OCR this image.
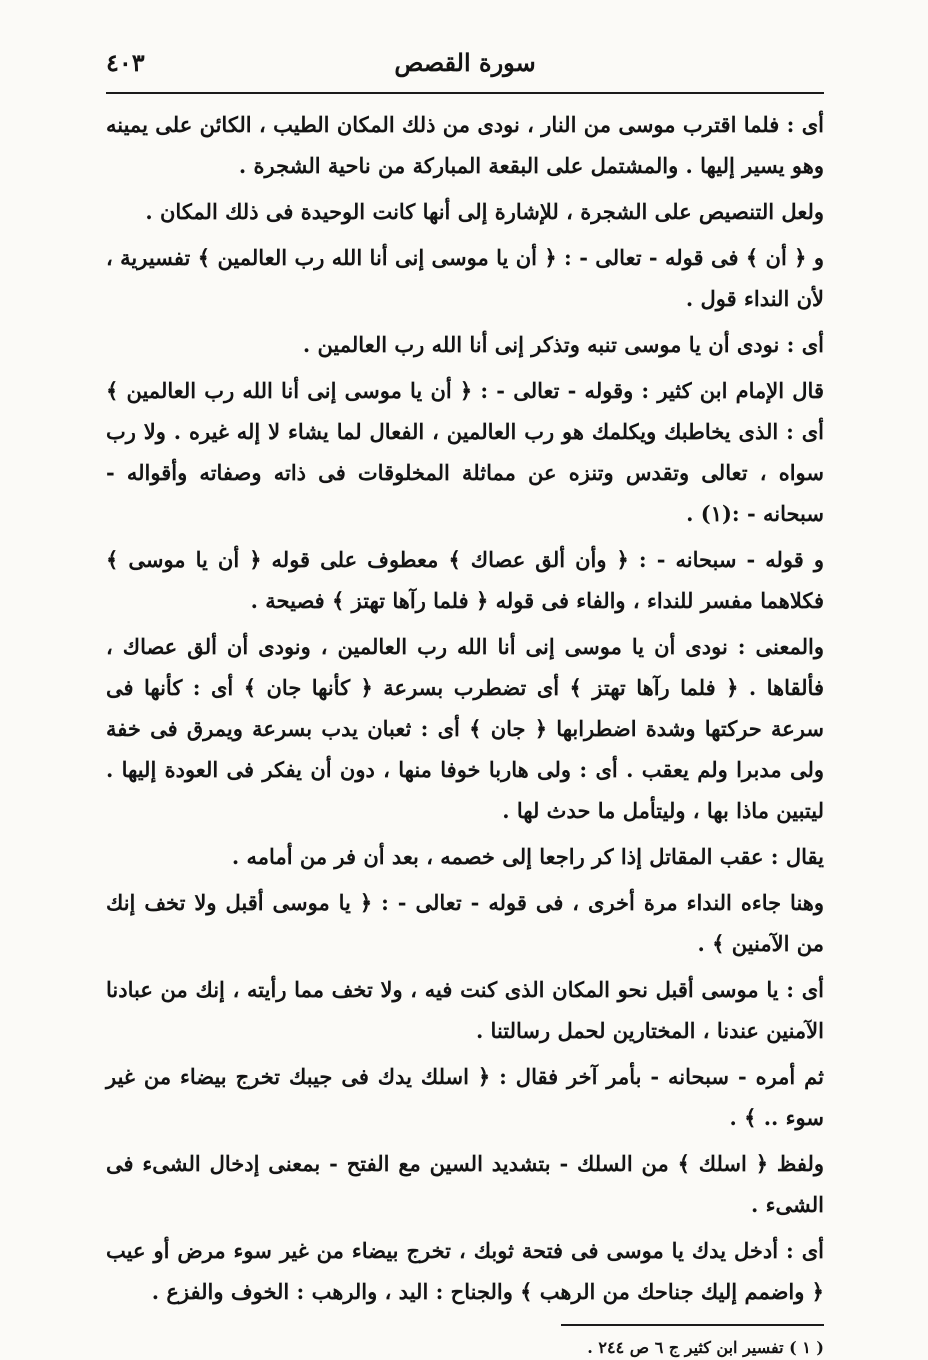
سورة القصص
٤٠٣

أى : فلما اقترب موسى من النار ، نودى من ذلك المكان الطيب ، الكائن على يمينه وهو يسير إليها . والمشتمل على البقعة المباركة من ناحية الشجرة .

ولعل التنصيص على الشجرة ، للإشارة إلى أنها كانت الوحيدة فى ذلك المكان .

و ﴿ أن ﴾ فى قوله - تعالى - : ﴿ أن يا موسى إنى أنا الله رب العالمين ﴾ تفسيرية ، لأن النداء قول .

أى : نودى أن يا موسى تنبه وتذكر إنى أنا الله رب العالمين .

قال الإمام ابن كثير : وقوله - تعالى - : ﴿ أن يا موسى إنى أنا الله رب العالمين ﴾ أى : الذى يخاطبك ويكلمك هو رب العالمين ، الفعال لما يشاء لا إله غيره . ولا رب سواه ، تعالى وتقدس وتنزه عن مماثلة المخلوقات فى ذاته وصفاته وأقواله - سبحانه - :(١) .

و قوله - سبحانه - : ﴿ وأن ألق عصاك ﴾ معطوف على قوله ﴿ أن يا موسى ﴾ فكلاهما مفسر للنداء ، والفاء فى قوله ﴿ فلما رآها تهتز ﴾ فصيحة .

والمعنى : نودى أن يا موسى إنى أنا الله رب العالمين ، ونودى أن ألق عصاك ، فألقاها . ﴿ فلما رآها تهتز ﴾ أى تضطرب بسرعة ﴿ كأنها جان ﴾ أى : كأنها فى سرعة حركتها وشدة اضطرابها ﴿ جان ﴾ أى : ثعبان يدب بسرعة ويمرق فى خفة ولى مدبرا ولم يعقب . أى : ولى هاربا خوفا منها ، دون أن يفكر فى العودة إليها . ليتبين ماذا بها ، وليتأمل ما حدث لها .

يقال : عقب المقاتل إذا كر راجعا إلى خصمه ، بعد أن فر من أمامه .

وهنا جاءه النداء مرة أخرى ، فى قوله - تعالى - : ﴿ يا موسى أقبل ولا تخف إنك من الآمنين ﴾ .

أى : يا موسى أقبل نحو المكان الذى كنت فيه ، ولا تخف مما رأيته ، إنك من عبادنا الآمنين عندنا ، المختارين لحمل رسالتنا .

ثم أمره - سبحانه - بأمر آخر فقال : ﴿ اسلك يدك فى جيبك تخرج بيضاء من غير سوء .. ﴾ .

ولفظ ﴿ اسلك ﴾ من السلك - بتشديد السين مع الفتح - بمعنى إدخال الشىء فى الشىء .

أى : أدخل يدك يا موسى فى فتحة ثوبك ، تخرج بيضاء من غير سوء مرض أو عيب ﴿ واضمم إليك جناحك من الرهب ﴾ والجناح : اليد ، والرهب : الخوف والفزع .

( ١ ) تفسير ابن كثير ج ٦ ص ٢٤٤ .
